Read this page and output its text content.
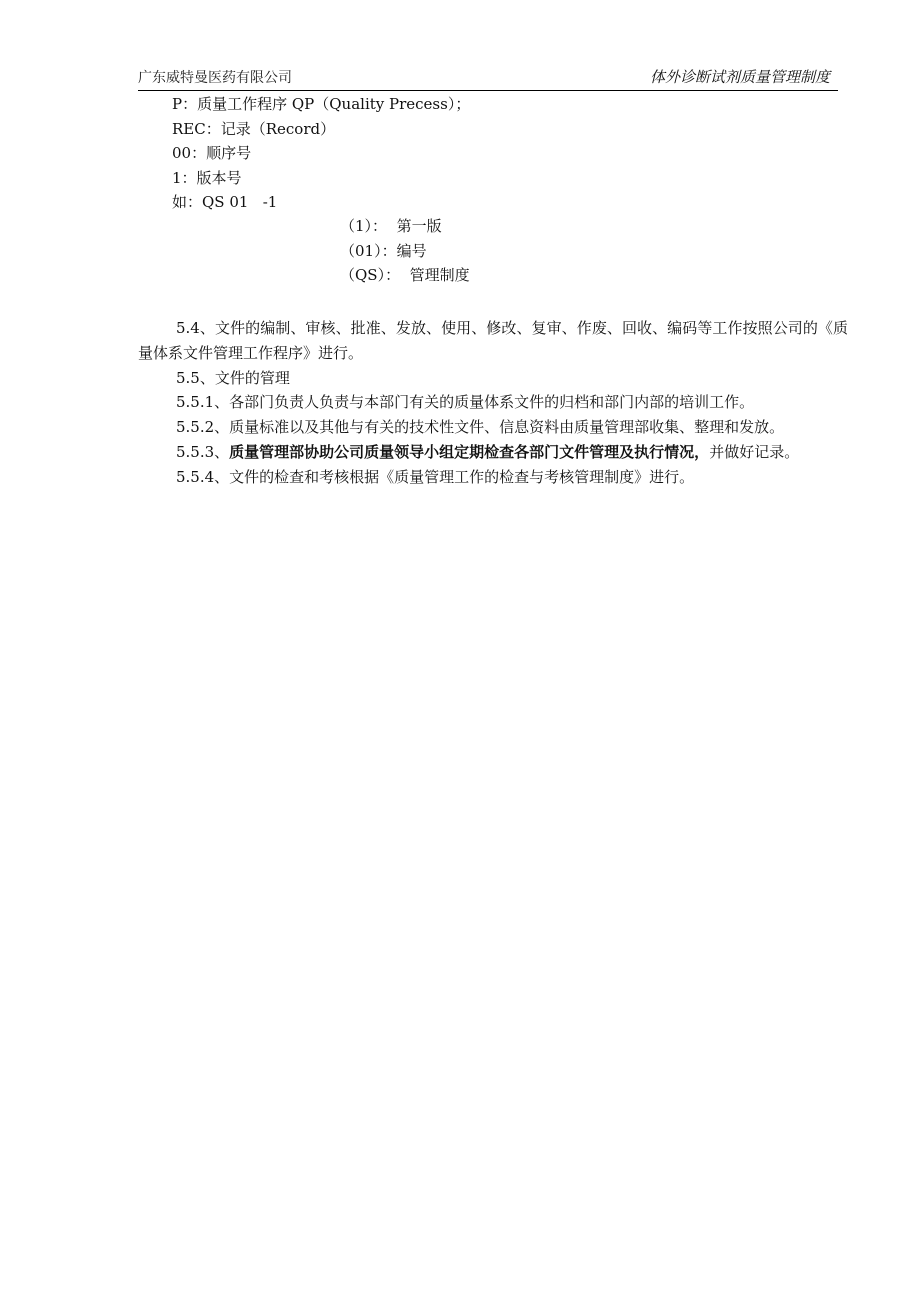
广东威特曼医药有限公司	体外诊断试剂质量管理制度
P：质量工作程序 QP（Quality Precess）；
REC：记录（Record）
00：顺序号
1：版本号
如：QS 01   -1
（1）：  第一版
（01）：编号
（QS）：  管理制度

5.4、文件的编制、审核、批准、发放、使用、修改、复审、作废、回收、编码等工作按照公司的《质量体系文件管理工作程序》进行。

5.5、文件的管理

5.5.1、各部门负责人负责与本部门有关的质量体系文件的归档和部门内部的培训工作。

5.5.2、质量标准以及其他与有关的技术性文件、信息资料由质量管理部收集、整理和发放。

5.5.3、质量管理部协助公司质量领导小组定期检查各部门文件管理及执行情况，并做好记录。

5.5.4、文件的检查和考核根据《质量管理工作的检查与考核管理制度》进行。
